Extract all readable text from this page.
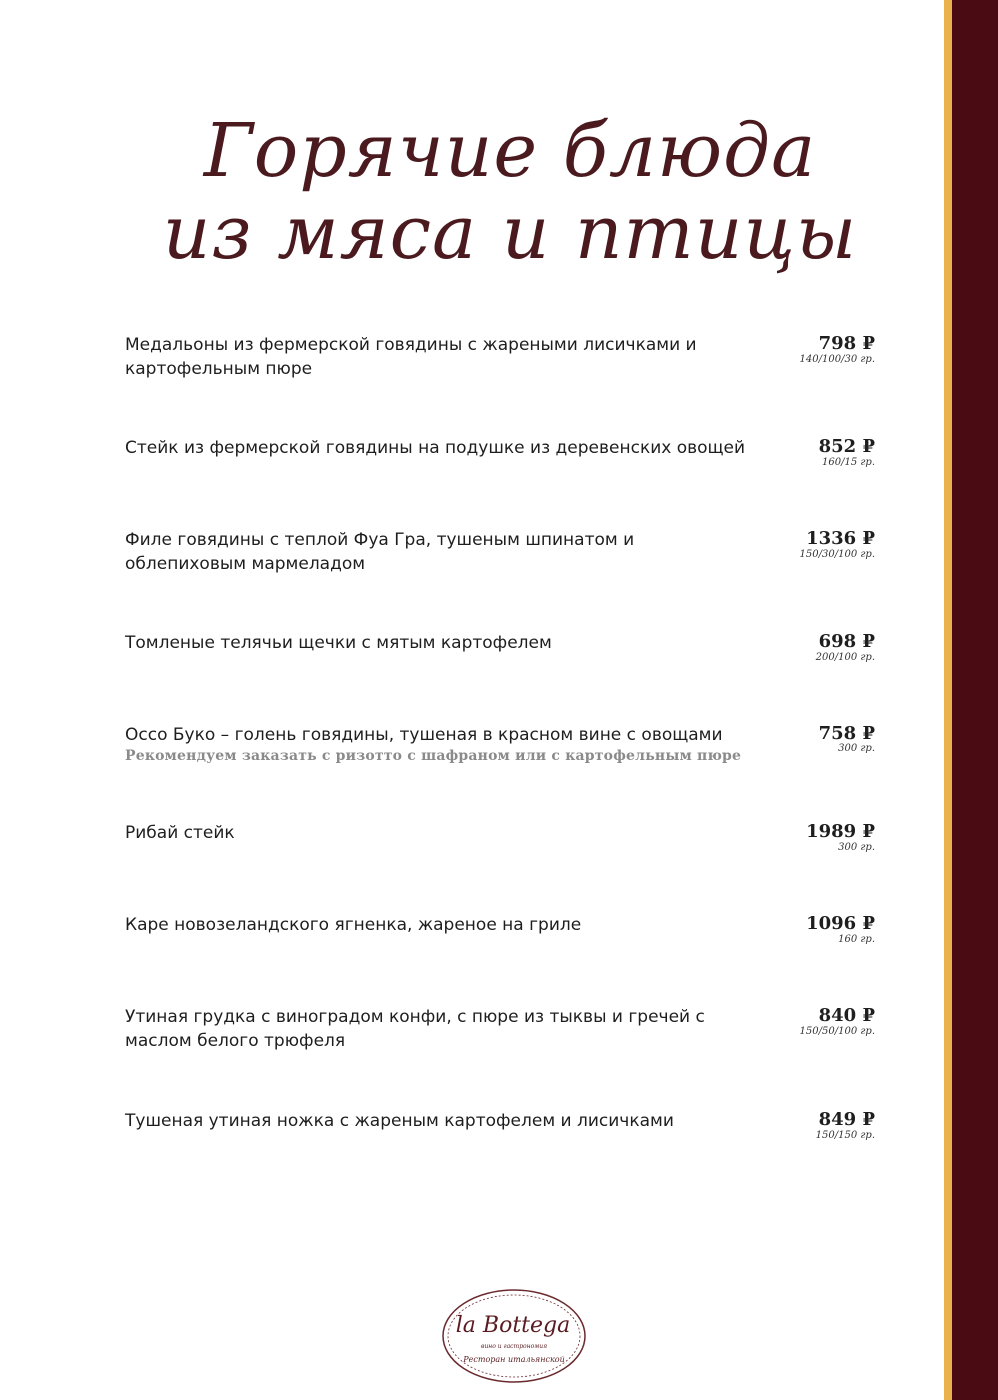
Горячие блюда
из мяса и птицы
Медальоны из фермерской говядины с жареными лисичками и картофельным пюре
798 ₽
140/100/30 гр.
Стейк из фермерской говядины на подушке из деревенских овощей	852 ₽
160/15 гр.
Филе говядины с теплой Фуа Гра, тушеным шпинатом и облепиховым мармеладом
1336 ₽
150/30/100 гр.
Томленые телячьи щечки с мятым картофелем	698 ₽
200/100 гр.
Оссо Буко – голень говядины, тушеная в красном вине с овощами
Рекомендуем заказать с ризотто с шафраном или с картофельным пюре
758 ₽
300 гр.
Рибай стейк	1989 ₽
300 гр.
Каре новозеландского ягненка, жареное на гриле	1096 ₽
160 гр.
Утиная грудка с виноградом конфи, с пюре из тыквы и гречей с маслом белого трюфеля
840 ₽
150/50/100 гр.
Тушеная утиная ножка с жареным картофелем и лисичками	849 ₽
150/150 гр.
la Bottega
вино и гастрономия
Ресторан итальянской
